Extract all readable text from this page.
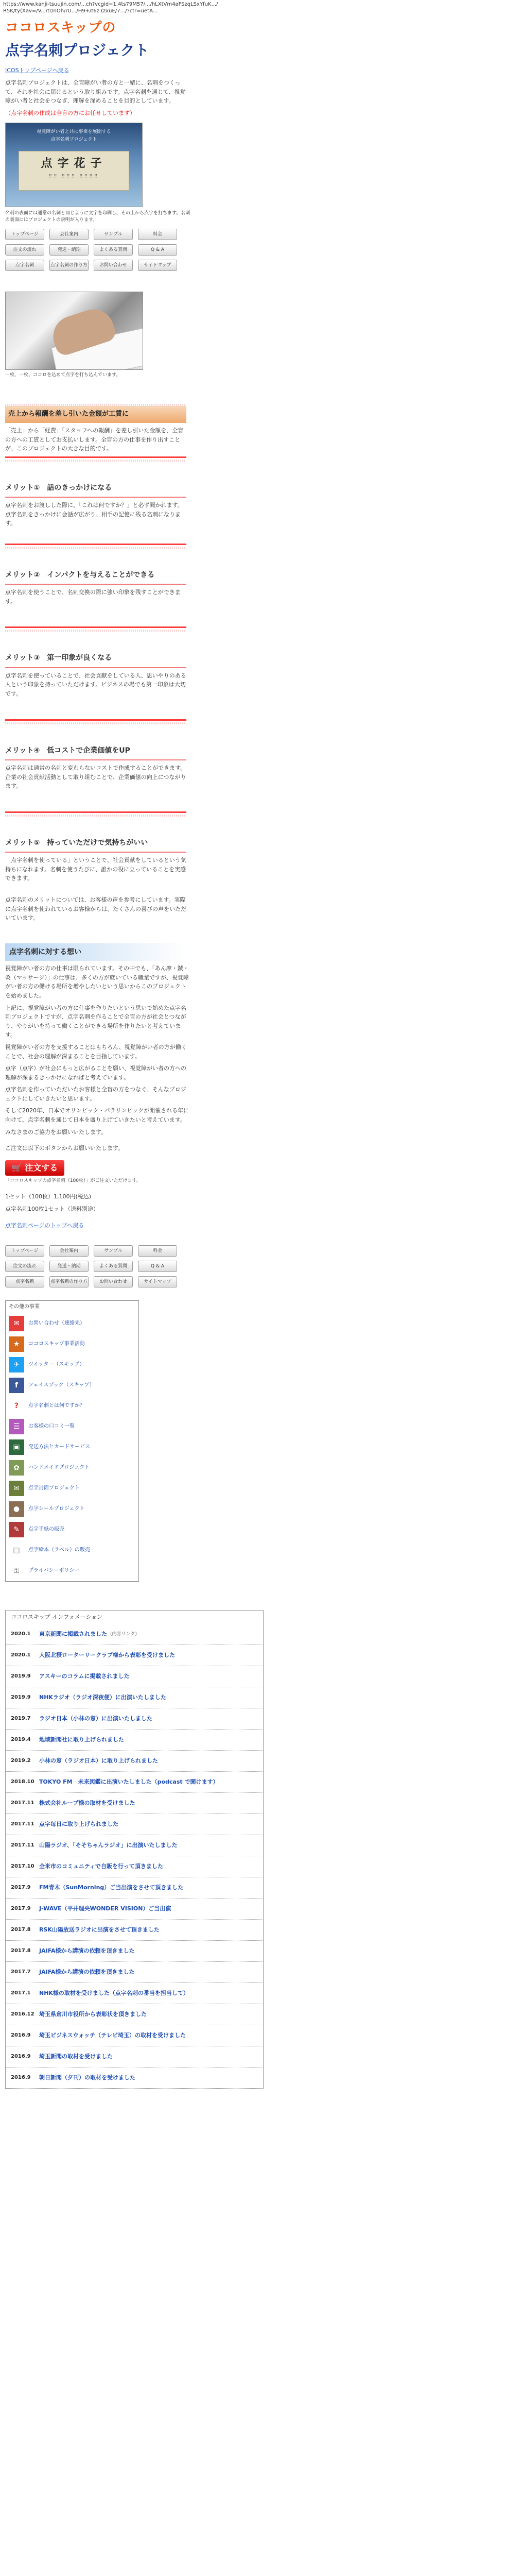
https://www.kanji-tsuujin.com/...ch?vcgid=1.4ts79M57/.../hLXtVm4aFSzqLSxYfuK.../R5K/ty(Xav=/V.../tr/nOh/rU.../H9+/t6z.(zxuE/7.../?ctr=uetA...
ココロスキップの
点字名刺プロジェクト
ICOSトップページへ戻る

点字名刺プロジェクトは、全盲障がい者の方と一緒に、名刺をつくって、それを社会に届けるという取り組みです。点字名刺を通じて、視覚障がい者と社会をつなぎ、理解を深めることを目的としています。

（点字名刺の作成は全盲の方にお任せしています）

視覚障がい者と共に事業を展開する
点字名刺プロジェクト
点字花子
⠿⠿ ⠿⠿⠿ ⠿⠿⠿⠿
名刺の表面には通常の名刺と同じように文字を印刷し、その上から点字を打ちます。名刺の裏面にはプロジェクトの説明が入ります。
トップページ	会社案内	サンプル	料金
注文の流れ	発送・納期	よくある質問	Q & A
点字名刺	点字名刺の作り方	お問い合わせ	サイトマップ
一枚、一枚、ココロを込めて点字を打ち込んでいます。
売上から報酬を差し引いた金額が工賃に

「売上」から「経費」「スタッフへの報酬」を差し引いた金額を、全盲の方への工賃としてお支払いします。全盲の方の仕事を作り出すことが、このプロジェクトの大きな目的です。

メリット①　話のきっかけになる

点字名刺をお渡しした際に、「これは何ですか？」と必ず聞かれます。点字名刺をきっかけに会話が広がり、相手の記憶に残る名刺になります。

メリット②　インパクトを与えることができる

点字名刺を使うことで、名刺交換の際に強い印象を残すことができます。

メリット③　第一印象が良くなる

点字名刺を使っていることで、社会貢献をしている人、思いやりのある人という印象を持っていただけます。ビジネスの場でも第一印象は大切です。

メリット④　低コストで企業価値をUP

点字名刺は通常の名刺と変わらないコストで作成することができます。企業の社会貢献活動として取り組むことで、企業価値の向上につながります。

メリット⑤　持っていただけで気持ちがいい

「点字名刺を使っている」ということで、社会貢献をしているという気持ちになれます。名刺を使うたびに、誰かの役に立っていることを実感できます。

点字名刺のメリットについては、お客様の声を参考にしています。実際に点字名刺を使われているお客様からは、たくさんの喜びの声をいただいています。

点字名刺に対する想い

視覚障がい者の方の仕事は限られています。その中でも、「あん摩・鍼・灸（マッサージ）」の仕事は、多くの方が就いている職業ですが、視覚障がい者の方の働ける場所を増やしたいという思いからこのプロジェクトを始めました。

上記に、視覚障がい者の方に仕事を作りたいという思いで始めた点字名刺プロジェクトですが、点字名刺を作ることで全盲の方が社会とつながり、やりがいを持って働くことができる場所を作りたいと考えています。

視覚障がい者の方を支援することはもちろん、視覚障がい者の方が働くことで、社会の理解が深まることを目指しています。

点字（点字）が社会にもっと広がることを願い、視覚障がい者の方への理解が深まるきっかけになればと考えています。

点字名刺を作っていただいたお客様と全盲の方をつなぐ、そんなプロジェクトにしていきたいと思います。

そして2020年、日本でオリンピック・パラリンピックが開催される年に向けて、点字名刺を通じて日本を盛り上げていきたいと考えています。

みなさまのご協力をお願いいたします。

ご注文は以下のボタンからお願いいたします。

🛒 注文する
「ココロスキップの点字名刺（100枚）」がご注文いただけます。

1セット（100枚）1,100円(税込)

点字名刺100枚1セット（送料別途）

点字名刺ページのトップへ戻る
トップページ	会社案内	サンプル	料金
注文の流れ	発送・納期	よくある質問	Q & A
点字名刺	点字名刺の作り方	お問い合わせ	サイトマップ
その他の事業
✉	お問い合わせ（連絡先）
★	ココロスキップ事業活動
✈	ツイッター（スキップ）
f	フェイスブック（スキップ）
?	点字名刺とは何ですか？
☰	お客様の口コミ一覧
▣	発送方法とカードサービス
✿	ハンドメイドプロジェクト
✉	点字封筒プロジェクト
●	点字シールプロジェクト
✎	点字手紙の販売
▤	点字絵本（ラベル）の販売
⚿	プライバシーポリシー
ココロスキップ インフォメーション
2020.1	東京新聞に掲載されました (内容リンク)
2020.1	大阪北摂ローターリークラブ様から表彰を受けました
2019.9	アスキーのコラムに掲載されました
2019.9	NHKラジオ（ラジオ深夜便）に出演いたしました
2019.7	ラジオ日本（小林の窓）に出演いたしました
2019.4	地域新聞社に取り上げられました
2019.2	小林の窓（ラジオ日本）に取り上げられました
2018.10 TOKYO FM　未来図鑑に出演いたしました（podcast で聞けます）
2017.11 株式会社ループ様の取材を受けました
2017.11 点字毎日に取り上げられました
2017.11 山陽ラジオ、「そそちゃんラジオ」に出演いたしました
2017.10 全米市のコミュニティで自販を行って頂きました
2017.9	FM青木（SunMorning）ご当出演をさせて頂きました
2017.9	J-WAVE（平井理央WONDER VISION）ご当出演
2017.8	RSK山陽放送ラジオに出演をさせて頂きました
2017.8	JAIFA様から講演の依頼を頂きました
2017.7	JAIFA様から講演の依頼を頂きました
2017.1	NHK様の取材を受けました（点字名刺の番当を担当して）
2016.12 埼玉県倉川市役所から表彰状を頂きました
2016.9	埼玉ビジネスウォッチ（テレビ埼玉）の取材を受けました
2016.9	埼玉新聞の取材を受けました
2016.9	朝日新聞（夕刊）の取材を受けました
